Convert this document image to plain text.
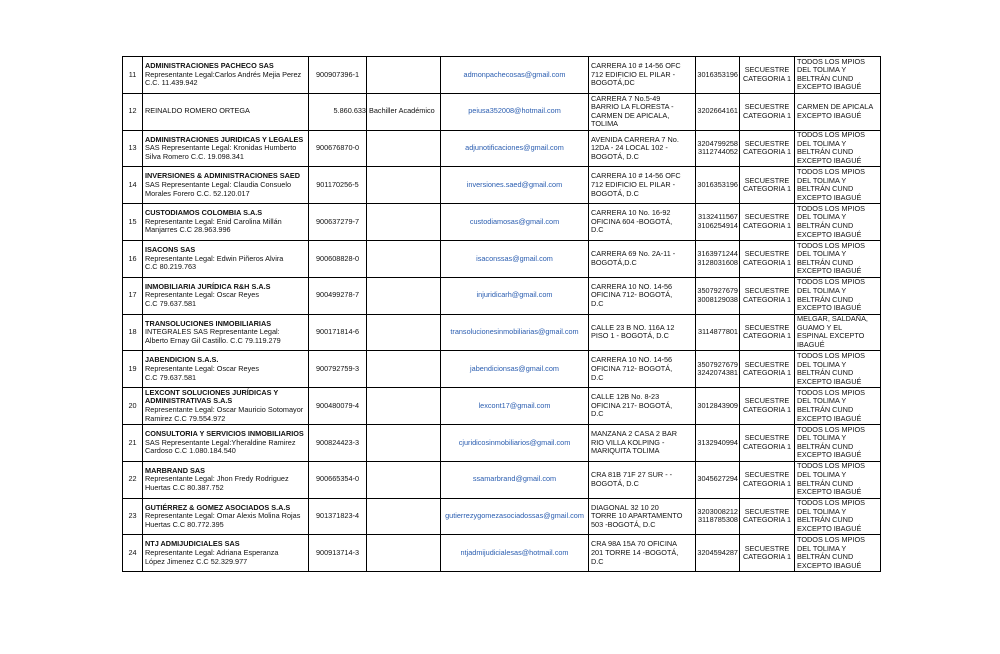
11	ADMINISTRACIONES PACHECO SAS
Representante Legal:Carlos Andrés Mejia Perez
C.C. 11.439.942	900907396-1		admonpachecosas@gmail.com	CARRERA 10 # 14-56 OFC
712 EDIFICIO EL PILAR -
BOGOTÁ,DC	3016353196	SECUESTRE
CATEGORIA 1	TODOS LOS MPIOS
DEL TOLIMA Y
BELTRÁN CUND
EXCEPTO IBAGUÉ
12	REINALDO ROMERO ORTEGA	5.860.633	Bachiller Académico	peiusa352008@hotmail.com	CARRERA 7 No.5-49
BARRIO LA FLORESTA -
CARMEN DE APICALA,
TOLIMA	3202664161	SECUESTRE
CATEGORIA 1	CARMEN DE APICALA
EXCEPTO IBAGUÉ
13	ADMINISTRACIONES JURIDICAS Y LEGALES
SAS Representante Legal: Kronidas Humberto
Silva Romero C.C. 19.098.341	900676870-0		adjunotificaciones@gmail.com	AVENIDA CARRERA 7 No.
12DA - 24 LOCAL 102 -
BOGOTÁ, D.C	3204799258
3112744052	SECUESTRE
CATEGORIA 1	TODOS LOS MPIOS
DEL TOLIMA Y
BELTRÁN CUND
EXCEPTO IBAGUÉ
14	INVERSIONES & ADMINISTRACIONES SAED
SAS Representante Legal: Claudia Consuelo
Morales Forero C.C. 52.120.017	901170256-5		inversiones.saed@gmail.com	CARRERA 10 # 14-56 OFC
712 EDIFICIO EL PILAR -
BOGOTÁ, D.C	3016353196	SECUESTRE
CATEGORIA 1	TODOS LOS MPIOS
DEL TOLIMA Y
BELTRÁN CUND
EXCEPTO IBAGUÉ
15	CUSTODIAMOS COLOMBIA S.A.S
Representante Legal: Enid Carolina Millán
Manjarres C.C 28.963.996	900637279-7		custodiamosas@gmail.com	CARRERA 10 No. 16-92
OFICINA 604 -BOGOTÁ,
D.C	3132411567
3106254914	SECUESTRE
CATEGORIA 1	TODOS LOS MPIOS
DEL TOLIMA Y
BELTRÁN CUND
EXCEPTO IBAGUÉ
16	ISACONS SAS
Representante Legal: Edwin Piñeros Alvira
C.C 80.219.763	900608828-0		isaconssas@gmail.com	CARRERA 69 No. 2A-11 -
BOGOTÁ,D.C	3163971244
3128031608	SECUESTRE
CATEGORIA 1	TODOS LOS MPIOS
DEL TOLIMA Y
BELTRÁN CUND
EXCEPTO IBAGUÉ
17	INMOBILIARIA JURÍDICA R&H S.A.S
Representante Legal: Oscar Reyes
C.C 79.637.581	900499278-7		injuridicarh@gmail.com	CARRERA 10 NO. 14-56
OFICINA 712- BOGOTÁ,
D.C	3507927679
3008129038	SECUESTRE
CATEGORIA 1	TODOS LOS MPIOS
DEL TOLIMA Y
BELTRÁN CUND
EXCEPTO IBAGUÉ
18	TRANSOLUCIONES INMOBILIARIAS
INTEGRALES SAS Representante Legal:
Alberto Ernay Gil Castillo. C.C 79.119.279	900171814-6		transolucionesinmobiliarias@gmail.com	CALLE 23 B NO. 116A 12
PISO 1 - BOGOTÁ, D.C	3114877801	SECUESTRE
CATEGORIA 1	MELGAR, SALDAÑA,
GUAMO Y EL
ESPINAL EXCEPTO
IBAGUÉ
19	JABENDICION S.A.S.
Representante Legal: Oscar Reyes
C.C 79.637.581	900792759-3		jabendicionsas@gmail.com	CARRERA 10 NO. 14-56
OFICINA 712- BOGOTÁ,
D.C	3507927679
3242074381	SECUESTRE
CATEGORIA 1	TODOS LOS MPIOS
DEL TOLIMA Y
BELTRÁN CUND
EXCEPTO IBAGUÉ
20	LEXCONT SOLUCIONES JURÍDICAS Y
ADMINISTRATIVAS S.A.S
Representante Legal: Oscar Mauricio Sotomayor
Ramirez C.C 79.554.972	900480079-4		lexcont17@gmail.com	CALLE 12B No. 8-23
OFICINA 217- BOGOTÁ,
D.C	3012843909	SECUESTRE
CATEGORIA 1	TODOS LOS MPIOS
DEL TOLIMA Y
BELTRÁN CUND
EXCEPTO IBAGUÉ
21	CONSULTORIA Y SERVICIOS INMOBILIARIOS
SAS Representante Legal:Yheraldine Ramirez
Cardoso C.C 1.080.184.540	900824423-3		cjuridicosinmobiliarios@gmail.com	MANZANA 2 CASA 2 BAR
RIO VILLA KOLPING -
MARIQUITA TOLIMA	3132940994	SECUESTRE
CATEGORIA 1	TODOS LOS MPIOS
DEL TOLIMA Y
BELTRÁN CUND
EXCEPTO IBAGUÉ
22	MARBRAND SAS
Representante Legal: Jhon Fredy Rodriguez
Huertas C.C 80.387.752	900665354-0		ssamarbrand@gmail.com	CRA 81B 71F 27 SUR - -
BOGOTÁ, D.C	3045627294	SECUESTRE
CATEGORIA 1	TODOS LOS MPIOS
DEL TOLIMA Y
BELTRÁN CUND
EXCEPTO IBAGUÉ
23	GUTIÉRREZ & GOMEZ ASOCIADOS S.A.S
Representante Legal: Omar Alexis Molina Rojas
Huertas C.C 80.772.395	901371823-4		gutierrezygomezasociadossas@gmail.com	DIAGONAL 32 10 20
TORRE 10 APARTAMENTO
503 -BOGOTÁ, D.C	3203008212
3118785308	SECUESTRE
CATEGORIA 1	TODOS LOS MPIOS
DEL TOLIMA Y
BELTRÁN CUND
EXCEPTO IBAGUÉ
24	NTJ ADMIJUDICIALES SAS
Representante Legal: Adriana Esperanza
López Jimenez C.C 52.329.977	900913714-3		ntjadmijudicialesas@hotmail.com	CRA 98A 15A 70 OFICINA
201 TORRE 14 -BOGOTÁ,
D.C	3204594287	SECUESTRE
CATEGORIA 1	TODOS LOS MPIOS
DEL TOLIMA Y
BELTRÁN CUND
EXCEPTO IBAGUÉ
